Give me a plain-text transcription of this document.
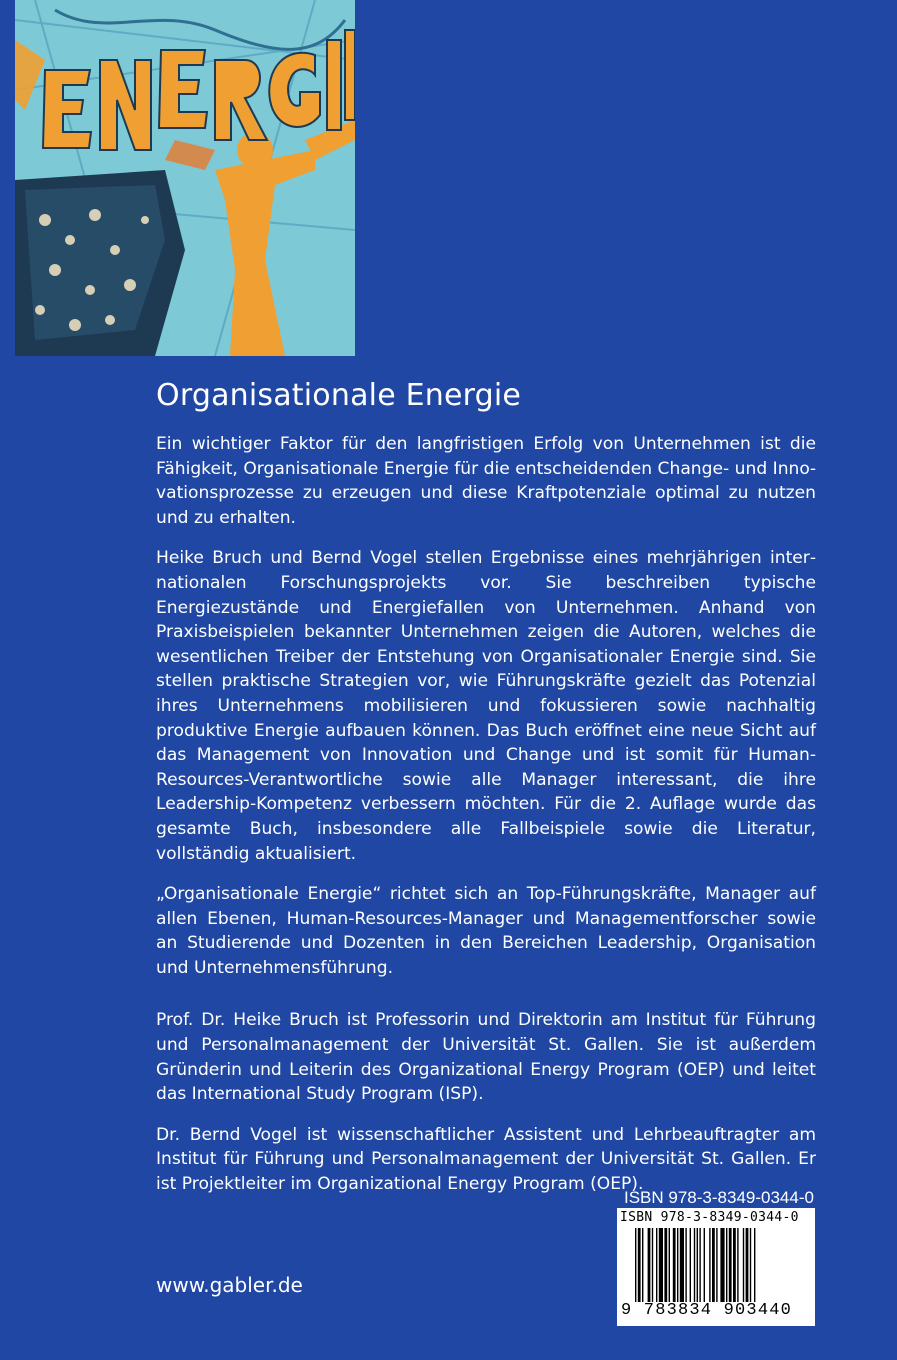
Organisationale Energie

Ein wichtiger Faktor für den langfristigen Erfolg von Unternehmen ist die Fähigkeit, Organisationale Energie für die entscheidenden Change- und Innovationsprozesse zu erzeugen und diese Kraftpotenziale optimal zu nutzen und zu erhalten.

Heike Bruch und Bernd Vogel stellen Ergebnisse eines mehrjährigen internationalen Forschungsprojekts vor. Sie beschreiben typische Energiezustände und Energiefallen von Unternehmen. Anhand von Praxisbeispielen bekannter Unternehmen zeigen die Autoren, welches die wesentlichen Treiber der Entstehung von Organisationaler Energie sind. Sie stellen praktische Strategien vor, wie Führungskräfte gezielt das Potenzial ihres Unternehmens mobilisieren und fokussieren sowie nachhaltig produktive Energie aufbauen können. Das Buch eröffnet eine neue Sicht auf das Management von Innovation und Change und ist somit für Human-Resources-Verantwortliche sowie alle Manager interessant, die ihre Leadership-Kompetenz verbessern möchten. Für die 2. Auflage wurde das gesamte Buch, insbesondere alle Fallbeispiele sowie die Literatur, vollständig aktualisiert.

„Organisationale Energie“ richtet sich an Top-Führungskräfte, Manager auf allen Ebenen, Human-Resources-Manager und Managementforscher sowie an Studierende und Dozenten in den Bereichen Leadership, Organisation und Unternehmensführung.

Prof. Dr. Heike Bruch ist Professorin und Direktorin am Institut für Führung und Personalmanagement der Universität St. Gallen. Sie ist außerdem Gründerin und Leiterin des Organizational Energy Program (OEP) und leitet das International Study Program (ISP).

Dr. Bernd Vogel ist wissenschaftlicher Assistent und Lehrbeauftragter am Institut für Führung und Personalmanagement der Universität St. Gallen. Er ist Projektleiter im Organizational Energy Program (OEP).

ISBN 978-3-8349-0344-0
ISBN 978-3-8349-0344-0
9 783834 903440
www.gabler.de
